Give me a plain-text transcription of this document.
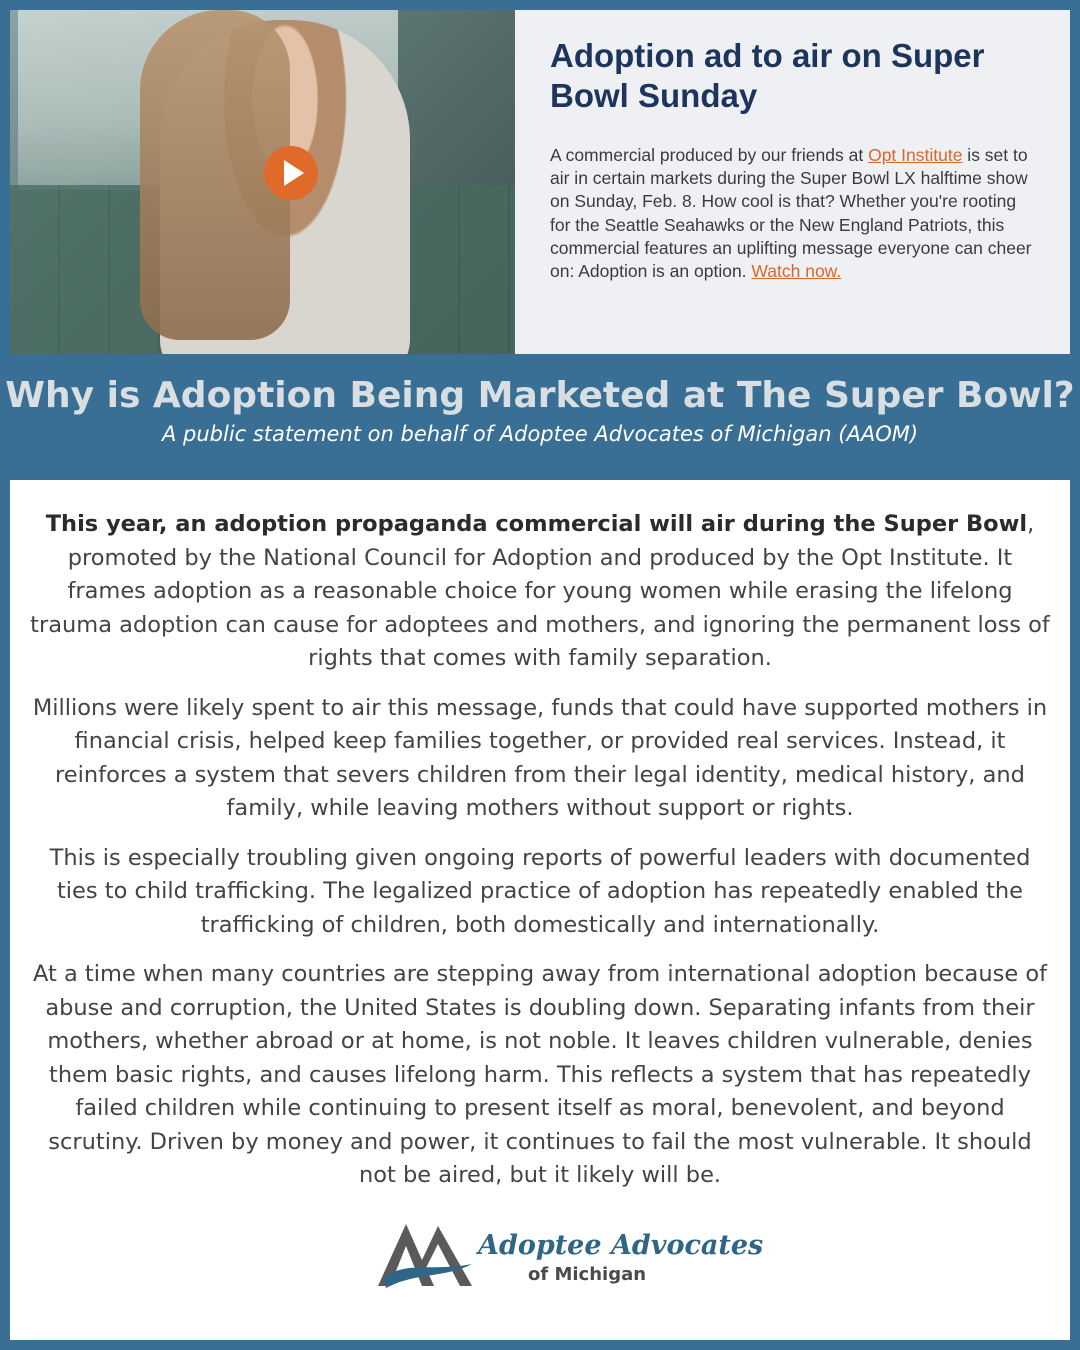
Adoption ad to air on Super Bowl Sunday

A commercial produced by our friends at Opt Institute is set to air in certain markets during the Super Bowl LX halftime show on Sunday, Feb. 8. How cool is that? Whether you're rooting for the Seattle Seahawks or the New England Patriots, this commercial features an uplifting message everyone can cheer on: Adoption is an option. Watch now.

Why is Adoption Being Marketed at The Super Bowl?
A public statement on behalf of Adoptee Advocates of Michigan (AAOM)

This year, an adoption propaganda commercial will air during the Super Bowl, promoted by the National Council for Adoption and produced by the Opt Institute. It frames adoption as a reasonable choice for young women while erasing the lifelong trauma adoption can cause for adoptees and mothers, and ignoring the permanent loss of rights that comes with family separation.

Millions were likely spent to air this message, funds that could have supported mothers in financial crisis, helped keep families together, or provided real services. Instead, it reinforces a system that severs children from their legal identity, medical history, and family, while leaving mothers without support or rights.

This is especially troubling given ongoing reports of powerful leaders with documented ties to child trafficking. The legalized practice of adoption has repeatedly enabled the trafficking of children, both domestically and internationally.

At a time when many countries are stepping away from international adoption because of abuse and corruption, the United States is doubling down. Separating infants from their mothers, whether abroad or at home, is not noble. It leaves children vulnerable, denies them basic rights, and causes lifelong harm. This reflects a system that has repeatedly failed children while continuing to present itself as moral, benevolent, and beyond scrutiny. Driven by money and power, it continues to fail the most vulnerable. It should not be aired, but it likely will be.

Adoptee Advocates
of Michigan
